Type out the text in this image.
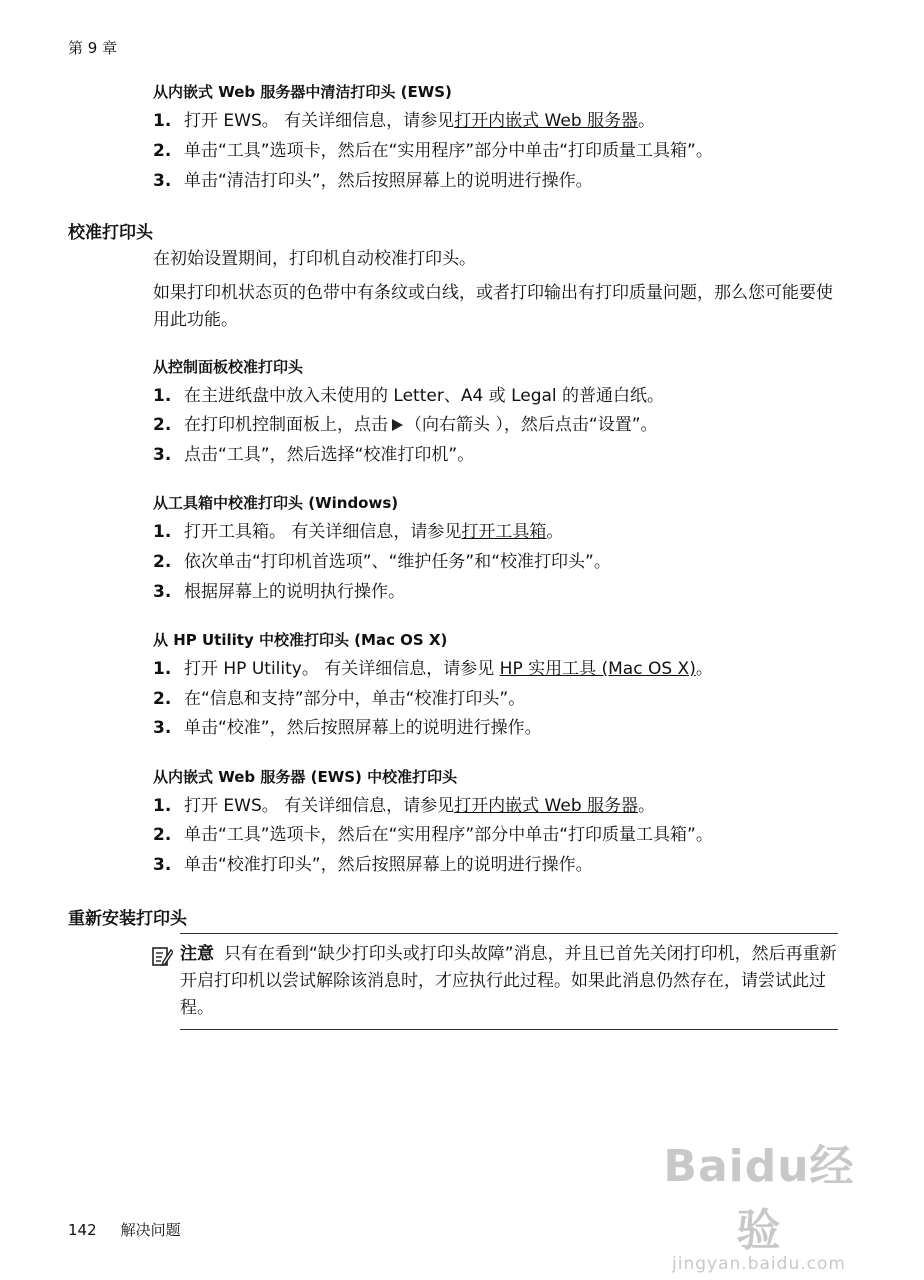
第 9 章
从内嵌式 Web 服务器中清洁打印头 (EWS)
1. 打开 EWS。 有关详细信息，请参见打开内嵌式 Web 服务器。
2. 单击“工具”选项卡，然后在“实用程序”部分中单击“打印质量工具箱”。
3. 单击“清洁打印头”，然后按照屏幕上的说明进行操作。
校准打印头
在初始设置期间，打印机自动校准打印头。
如果打印机状态页的色带中有条纹或白线，或者打印输出有打印质量问题，那么您可能要使用此功能。
从控制面板校准打印头
1. 在主进纸盘中放入未使用的 Letter、A4 或 Legal 的普通白纸。
2. 在打印机控制面板上，点击 （向右箭头 ），然后点击“设置”。
3. 点击“工具”，然后选择“校准打印机”。
从工具箱中校准打印头 (Windows)
1. 打开工具箱。 有关详细信息，请参见打开工具箱。
2. 依次单击“打印机首选项”、“维护任务”和“校准打印头”。
3. 根据屏幕上的说明执行操作。
从 HP Utility 中校准打印头 (Mac OS X)
1. 打开 HP Utility。 有关详细信息，请参见 HP 实用工具 (Mac OS X)。
2. 在“信息和支持”部分中，单击“校准打印头”。
3. 单击“校准”，然后按照屏幕上的说明进行操作。
从内嵌式 Web 服务器 (EWS) 中校准打印头
1. 打开 EWS。 有关详细信息，请参见打开内嵌式 Web 服务器。
2. 单击“工具”选项卡，然后在“实用程序”部分中单击“打印质量工具箱”。
3. 单击“校准打印头”，然后按照屏幕上的说明进行操作。
重新安装打印头
注意 只有在看到“缺少打印头或打印头故障”消息，并且已首先关闭打印机，然后再重新开启打印机以尝试解除该消息时，才应执行此过程。如果此消息仍然存在，请尝试此过程。
Baidu经验
jingyan.baidu.com
142 解决问题
